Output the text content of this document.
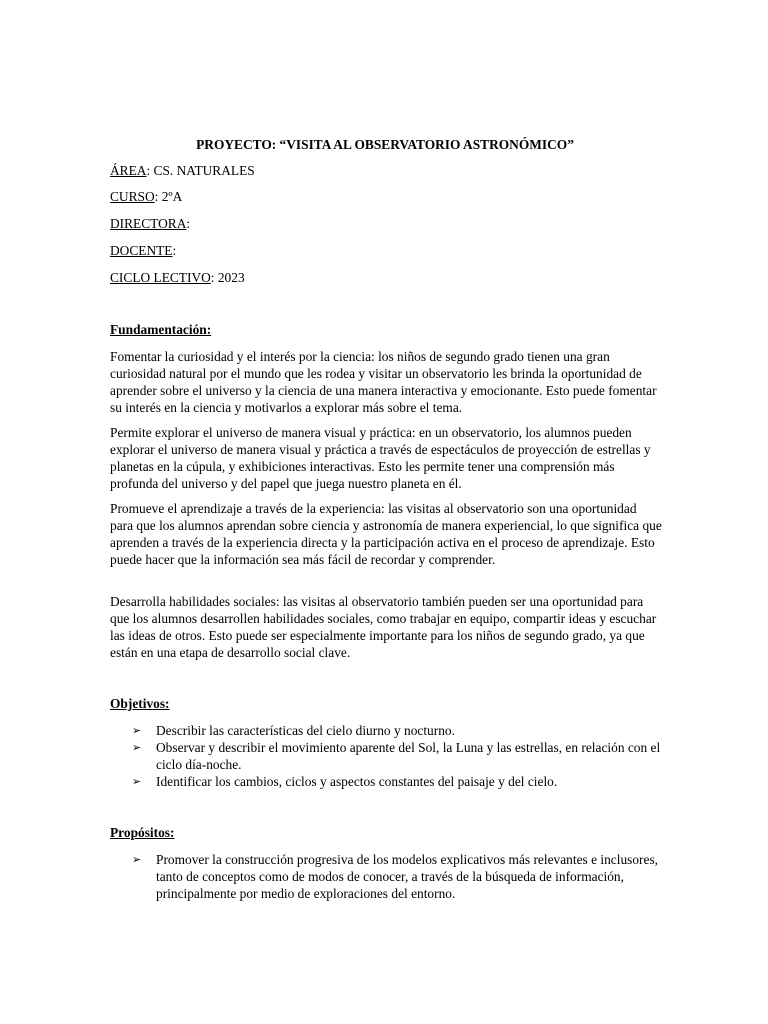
PROYECTO: “VISITA AL OBSERVATORIO ASTRONÓMICO”
ÁREA: CS. NATURALES
CURSO: 2ºA
DIRECTORA:
DOCENTE:
CICLO LECTIVO: 2023
Fundamentación:
Fomentar la curiosidad y el interés por la ciencia: los niños de segundo grado tienen una gran curiosidad natural por el mundo que les rodea y visitar un observatorio les brinda la oportunidad de aprender sobre el universo y la ciencia de una manera interactiva y emocionante. Esto puede fomentar su interés en la ciencia y motivarlos a explorar más sobre el tema.
Permite explorar el universo de manera visual y práctica: en un observatorio, los alumnos pueden explorar el universo de manera visual y práctica a través de espectáculos de proyección de estrellas y planetas en la cúpula, y exhibiciones interactivas. Esto les permite tener una comprensión más profunda del universo y del papel que juega nuestro planeta en él.
Promueve el aprendizaje a través de la experiencia: las visitas al observatorio son una oportunidad para que los alumnos aprendan sobre ciencia y astronomía de manera experiencial, lo que significa que aprenden a través de la experiencia directa y la participación activa en el proceso de aprendizaje. Esto puede hacer que la información sea más fácil de recordar y comprender.
Desarrolla habilidades sociales: las visitas al observatorio también pueden ser una oportunidad para que los alumnos desarrollen habilidades sociales, como trabajar en equipo, compartir ideas y escuchar las ideas de otros. Esto puede ser especialmente importante para los niños de segundo grado, ya que están en una etapa de desarrollo social clave.
Objetivos:
➢ Describir las características del cielo diurno y nocturno.
➢ Observar y describir el movimiento aparente del Sol, la Luna y las estrellas, en relación con el ciclo día-noche.
➢ Identificar los cambios, ciclos y aspectos constantes del paisaje y del cielo.
Propósitos:
➢ Promover la construcción progresiva de los modelos explicativos más relevantes e inclusores, tanto de conceptos como de modos de conocer, a través de la búsqueda de información, principalmente por medio de exploraciones del entorno.
